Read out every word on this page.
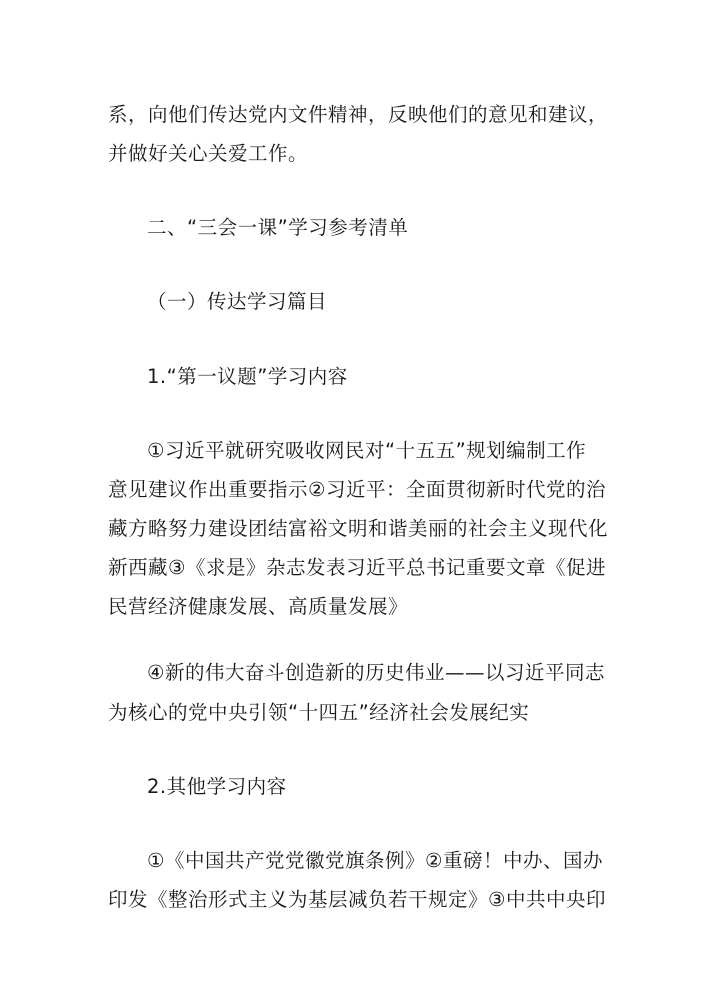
系，向他们传达党内文件精神，反映他们的意见和建议，
并做好关心关爱工作。
二、“三会一课”学习参考清单
（一）传达学习篇目
1.“第一议题”学习内容
①习近平就研究吸收网民对“十五五”规划编制工作
意见建议作出重要指示②习近平：全面贯彻新时代党的治
藏方略努力建设团结富裕文明和谐美丽的社会主义现代化
新西藏③《求是》杂志发表习近平总书记重要文章《促进
民营经济健康发展、高质量发展》
④新的伟大奋斗创造新的历史伟业——以习近平同志
为核心的党中央引领“十四五”经济社会发展纪实
2.其他学习内容
①《中国共产党党徽党旗条例》②重磅！中办、国办
印发《整治形式主义为基层减负若干规定》③中共中央印
